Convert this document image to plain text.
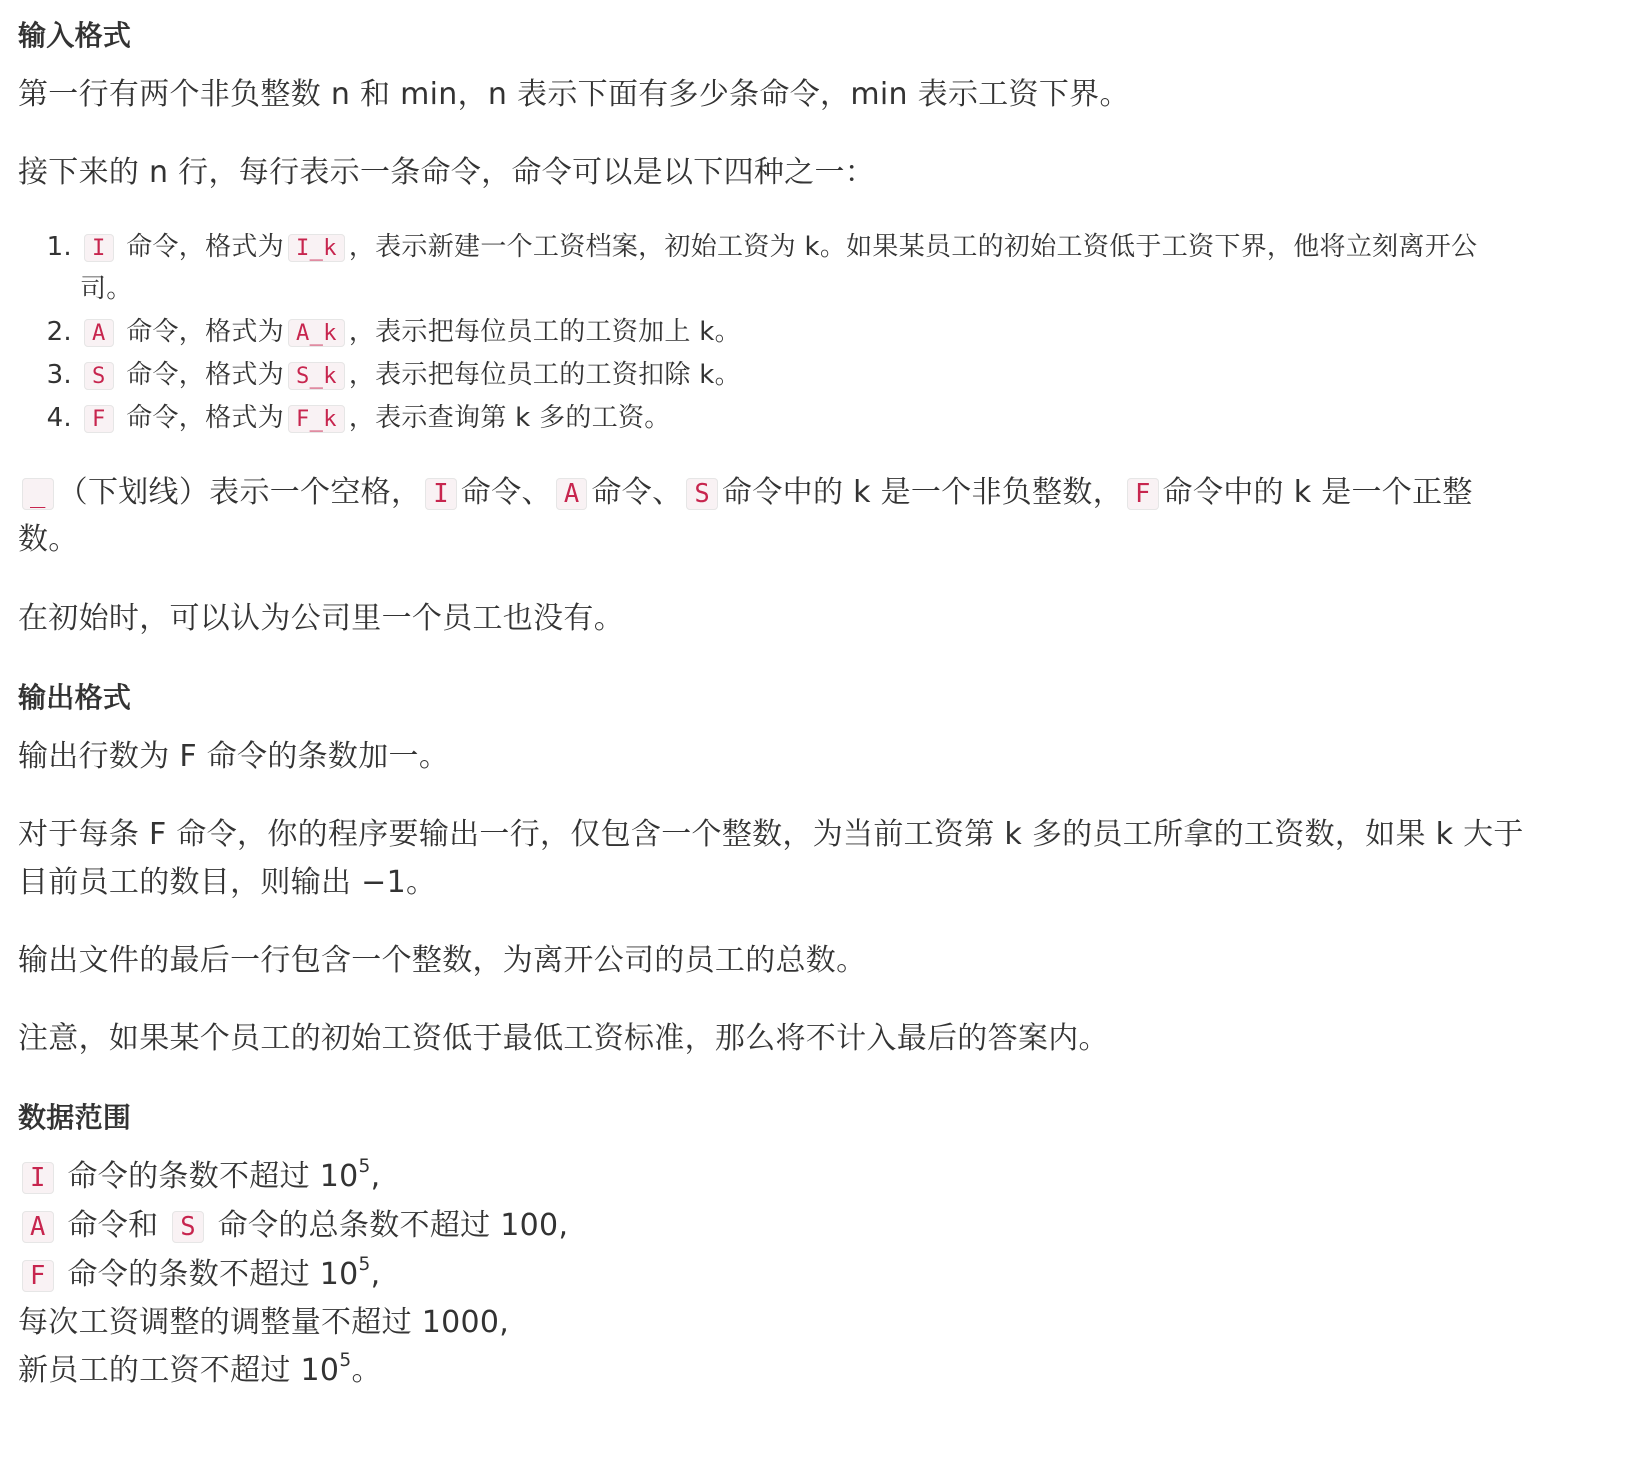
输入格式
第一行有两个非负整数 n 和 min，n 表示下面有多少条命令，min 表示工资下界。
接下来的 n 行，每行表示一条命令，命令可以是以下四种之一：
1. I 命令，格式为 I_k ，表示新建一个工资档案，初始工资为 k。如果某员工的初始工资低于工资下界，他将立刻离开公
司。
2. A 命令，格式为 A_k ，表示把每位员工的工资加上 k。
3. S 命令，格式为 S_k ，表示把每位员工的工资扣除 k。
4. F 命令，格式为 F_k ，表示查询第 k 多的工资。
_ （下划线）表示一个空格， I 命令、 A 命令、 S 命令中的 k 是一个非负整数， F 命令中的 k 是一个正整
数。
在初始时，可以认为公司里一个员工也没有。
输出格式
输出行数为 F 命令的条数加一。
对于每条 F 命令，你的程序要输出一行，仅包含一个整数，为当前工资第 k 多的员工所拿的工资数，如果 k 大于
目前员工的数目，则输出 −1。
输出文件的最后一行包含一个整数，为离开公司的员工的总数。
注意，如果某个员工的初始工资低于最低工资标准，那么将不计入最后的答案内。
数据范围
I 命令的条数不超过 $10^5$,
A 命令和 S 命令的总条数不超过 100,
F 命令的条数不超过 $10^5$,
每次工资调整的调整量不超过 1000,
新员工的工资不超过 $10^5$。
